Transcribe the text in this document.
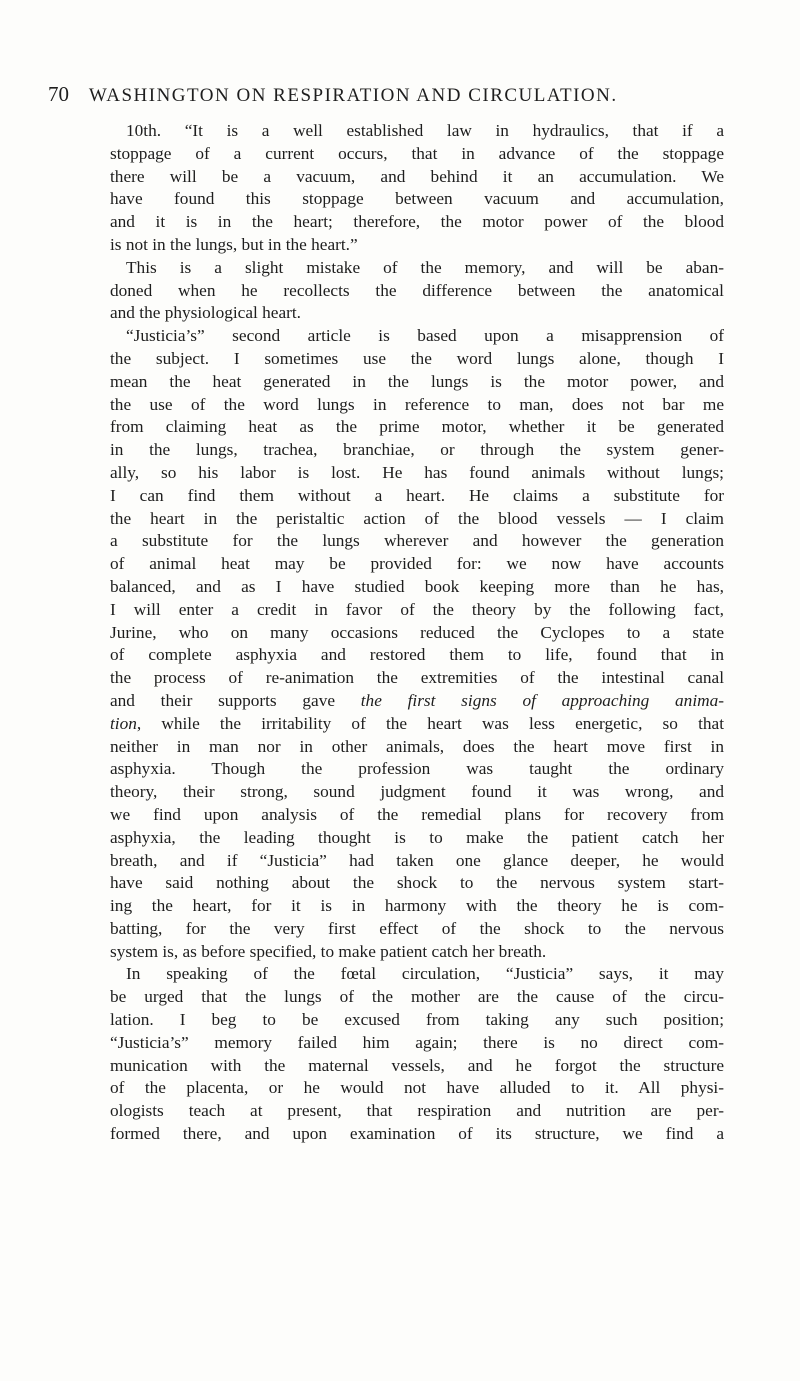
70 WASHINGTON ON RESPIRATION AND CIRCULATION.
10th. “It is a well established law in hydraulics, that if a
stoppage of a current occurs, that in advance of the stoppage
there will be a vacuum, and behind it an accumulation. We
have found this stoppage between vacuum and accumulation,
and it is in the heart; therefore, the motor power of the blood
is not in the lungs, but in the heart.”
This is a slight mistake of the memory, and will be aban-
doned when he recollects the difference between the anatomical
and the physiological heart.
“Justicia’s” second article is based upon a misapprension of
the subject. I sometimes use the word lungs alone, though I
mean the heat generated in the lungs is the motor power, and
the use of the word lungs in reference to man, does not bar me
from claiming heat as the prime motor, whether it be generated
in the lungs, trachea, branchiae, or through the system gener-
ally, so his labor is lost. He has found animals without lungs;
I can find them without a heart. He claims a substitute for
the heart in the peristaltic action of the blood vessels — I claim
a substitute for the lungs wherever and however the generation
of animal heat may be provided for: we now have accounts
balanced, and as I have studied book keeping more than he has,
I will enter a credit in favor of the theory by the following fact,
Jurine, who on many occasions reduced the Cyclopes to a state
of complete asphyxia and restored them to life, found that in
the process of re-animation the extremities of the intestinal canal
and their supports gave the first signs of approaching anima-
tion, while the irritability of the heart was less energetic, so that
neither in man nor in other animals, does the heart move first in
asphyxia. Though the profession was taught the ordinary
theory, their strong, sound judgment found it was wrong, and
we find upon analysis of the remedial plans for recovery from
asphyxia, the leading thought is to make the patient catch her
breath, and if “Justicia” had taken one glance deeper, he would
have said nothing about the shock to the nervous system start-
ing the heart, for it is in harmony with the theory he is com-
batting, for the very first effect of the shock to the nervous
system is, as before specified, to make patient catch her breath.
In speaking of the fœtal circulation, “Justicia” says, it may
be urged that the lungs of the mother are the cause of the circu-
lation. I beg to be excused from taking any such position;
“Justicia’s” memory failed him again; there is no direct com-
munication with the maternal vessels, and he forgot the structure
of the placenta, or he would not have alluded to it. All physi-
ologists teach at present, that respiration and nutrition are per-
formed there, and upon examination of its structure, we find a
